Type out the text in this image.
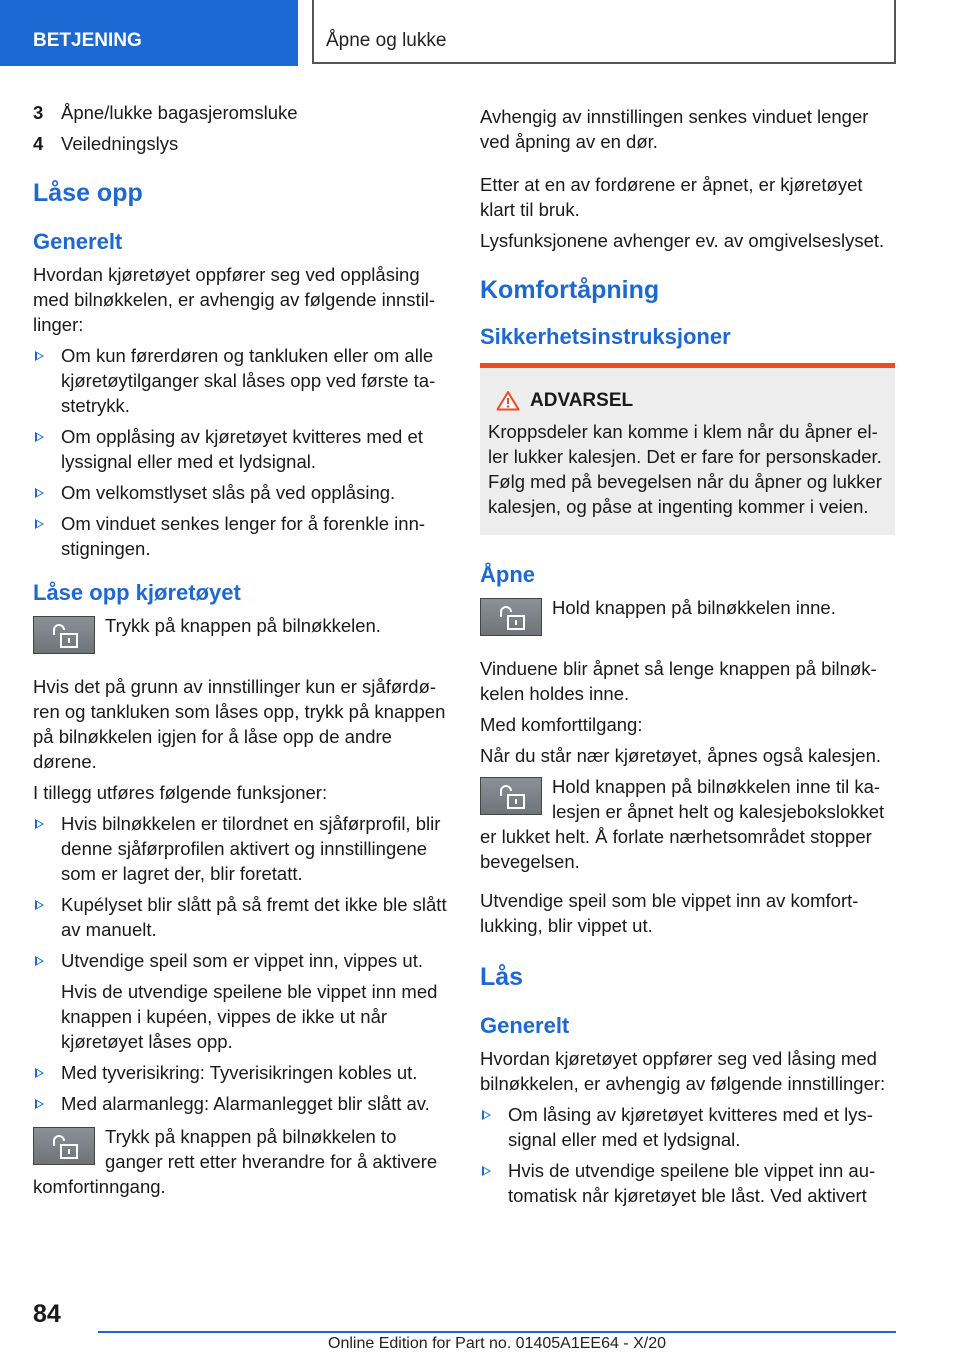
BETJENING	Åpne og lukke
3 Åpne/lukke bagasjeromsluke
4 Veiledningslys
Låse opp
Generelt

Hvordan kjøretøyet oppfører seg ved opplåsing med bilnøkkelen, er avhengig av følgende innstillinger:

Om kun førerdøren og tankluken eller om alle kjøretøytilganger skal låses opp ved første tastetrykk.
Om opplåsing av kjøretøyet kvitteres med et lyssignal eller med et lydsignal.
Om velkomstlyset slås på ved opplåsing.
Om vinduet senkes lenger for å forenkle innstigningen.
Låse opp kjøretøyet
Trykk på knappen på bilnøkkelen.

Hvis det på grunn av innstillinger kun er sjåførdøren og tankluken som låses opp, trykk på knappen på bilnøkkelen igjen for å låse opp de andre dørene.

I tillegg utføres følgende funksjoner:

Hvis bilnøkkelen er tilordnet en sjåførprofil, blir denne sjåførprofilen aktivert og innstillingene som er lagret der, blir foretatt.
Kupélyset blir slått på så fremt det ikke ble slått av manuelt.
Utvendige speil som er vippet inn, vippes ut.
Hvis de utvendige speilene ble vippet inn med knappen i kupéen, vippes de ikke ut når kjøretøyet låses opp.
Med tyverisikring: Tyverisikringen kobles ut.
Med alarmanlegg: Alarmanlegget blir slått av.
Trykk på knappen på bilnøkkelen to ganger rett etter hverandre for å aktivere komfortinngang.

Avhengig av innstillingen senkes vinduet lenger ved åpning av en dør.

Etter at en av fordørene er åpnet, er kjøretøyet klart til bruk.

Lysfunksjonene avhenger ev. av omgivelseslyset.

Komfortåpning
Sikkerhetsinstruksjoner
ADVARSEL
Kroppsdeler kan komme i klem når du åpner eller lukker kalesjen. Det er fare for personskader. Følg med på bevegelsen når du åpner og lukker kalesjen, og påse at ingenting kommer i veien.
Åpne
Hold knappen på bilnøkkelen inne.

Vinduene blir åpnet så lenge knappen på bilnøkkelen holdes inne.

Med komforttilgang:

Når du står nær kjøretøyet, åpnes også kalesjen.

Hold knappen på bilnøkkelen inne til kalesjen er åpnet helt og kalesjebokslokket er lukket helt. Å forlate nærhetsområdet stopper bevegelsen.

Utvendige speil som ble vippet inn av komfortlukking, blir vippet ut.

Lås
Generelt

Hvordan kjøretøyet oppfører seg ved låsing med bilnøkkelen, er avhengig av følgende innstillinger:

Om låsing av kjøretøyet kvitteres med et lyssignal eller med et lydsignal.
Hvis de utvendige speilene ble vippet inn automatisk når kjøretøyet ble låst. Ved aktivert
84
Online Edition for Part no. 01405A1EE64 - X/20
